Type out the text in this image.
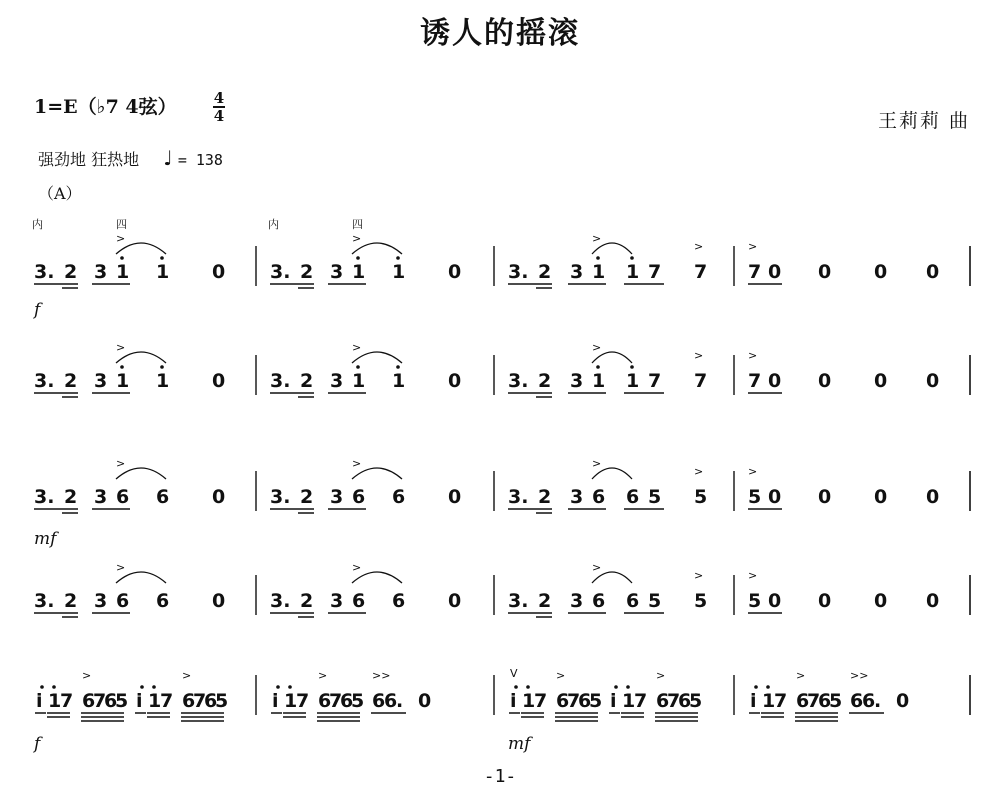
诱人的摇滚
1=E（♭7 4弦） 4
4	王莉莉 曲
强劲地 狂热地 ♩ = 138
（A）
f
3. 2 3 1 1 0
>
内	四
3. 2 3 1 1 0
>
内	四
3. 2 3 1 1 7 7
>
>
7 0 0 0 0
>
3. 2 3 1 1 0
>
3. 2 3 1 1 0
>
3. 2 3 1 1 7 7
>
>
7 0 0 0 0
>
mf
3. 2 3 6 6 0
>
3. 2 3 6 6 0
>
3. 2 3 6 6 5 5
>
>
5 0 0 0 0
>
3. 2 3 6 6 0
>
3. 2 3 6 6 0
>
3. 2 3 6 6 5 5
>
>
5 0 0 0 0
>
f	mf
i 1
7 6
7
6
5
>
i 1
7 6
7
6
5
>
i 1
7 6
7
6
5
>
6
6
.
>>
0	i 1
7 6
7
6
5
>
i 1
7 6
7
6
5
>
V
i 1
7 6
7
6
5
>
6
6
.
>>
0
-1-
